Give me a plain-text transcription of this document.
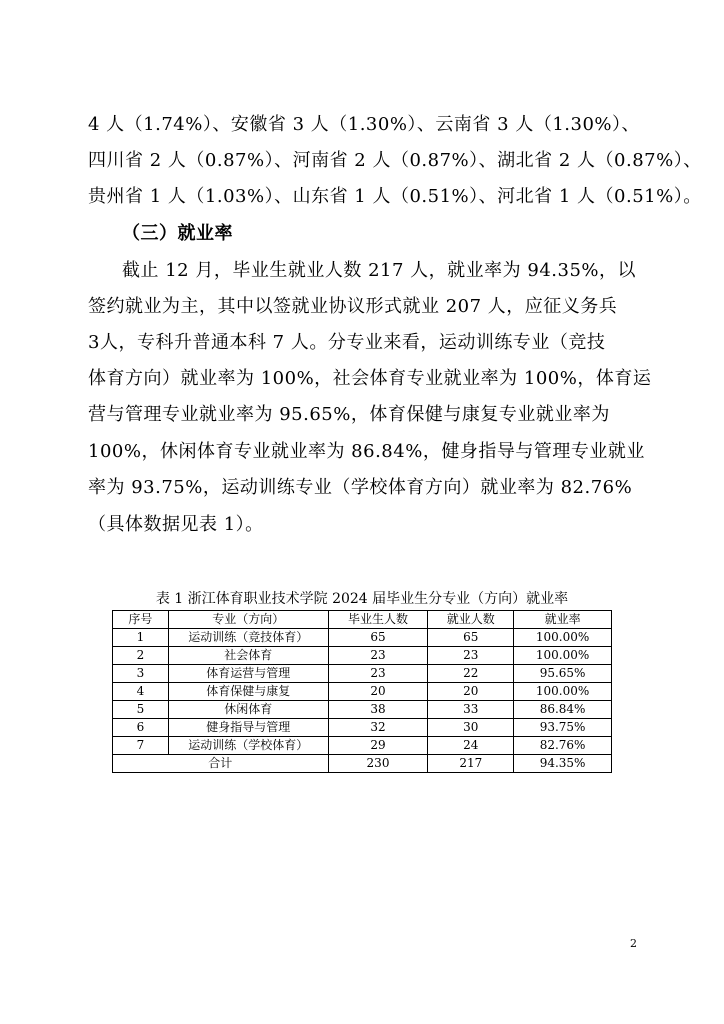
4 人（1.74%）、安徽省 3 人（1.30%）、云南省 3 人（1.30%）、
四川省 2 人（0.87%）、河南省 2 人（0.87%）、湖北省 2 人（0.87%）、
贵州省 1 人（1.03%）、山东省 1 人（0.51%）、河北省 1 人（0.51%）。
（三）就业率
截止 12 月，毕业生就业人数 217 人，就业率为 94.35%，以
签约就业为主，其中以签就业协议形式就业 207 人，应征义务兵
3人，专科升普通本科 7 人。分专业来看，运动训练专业（竞技
体育方向）就业率为 100%，社会体育专业就业率为 100%，体育运
营与管理专业就业率为 95.65%，体育保健与康复专业就业率为
100%，休闲体育专业就业率为 86.84%，健身指导与管理专业就业
率为 93.75%，运动训练专业（学校体育方向）就业率为 82.76%
（具体数据见表 1）。
表 1 浙江体育职业技术学院 2024 届毕业生分专业（方向）就业率
序号	专业（方向）	毕业生人数	就业人数	就业率
1	运动训练（竞技体育）	65	65	100.00%
2	社会体育	23	23	100.00%
3	体育运营与管理	23	22	95.65%
4	体育保健与康复	20	20	100.00%
5	休闲体育	38	33	86.84%
6	健身指导与管理	32	30	93.75%
7	运动训练（学校体育）	29	24	82.76%
合计		230	217	94.35%
2
